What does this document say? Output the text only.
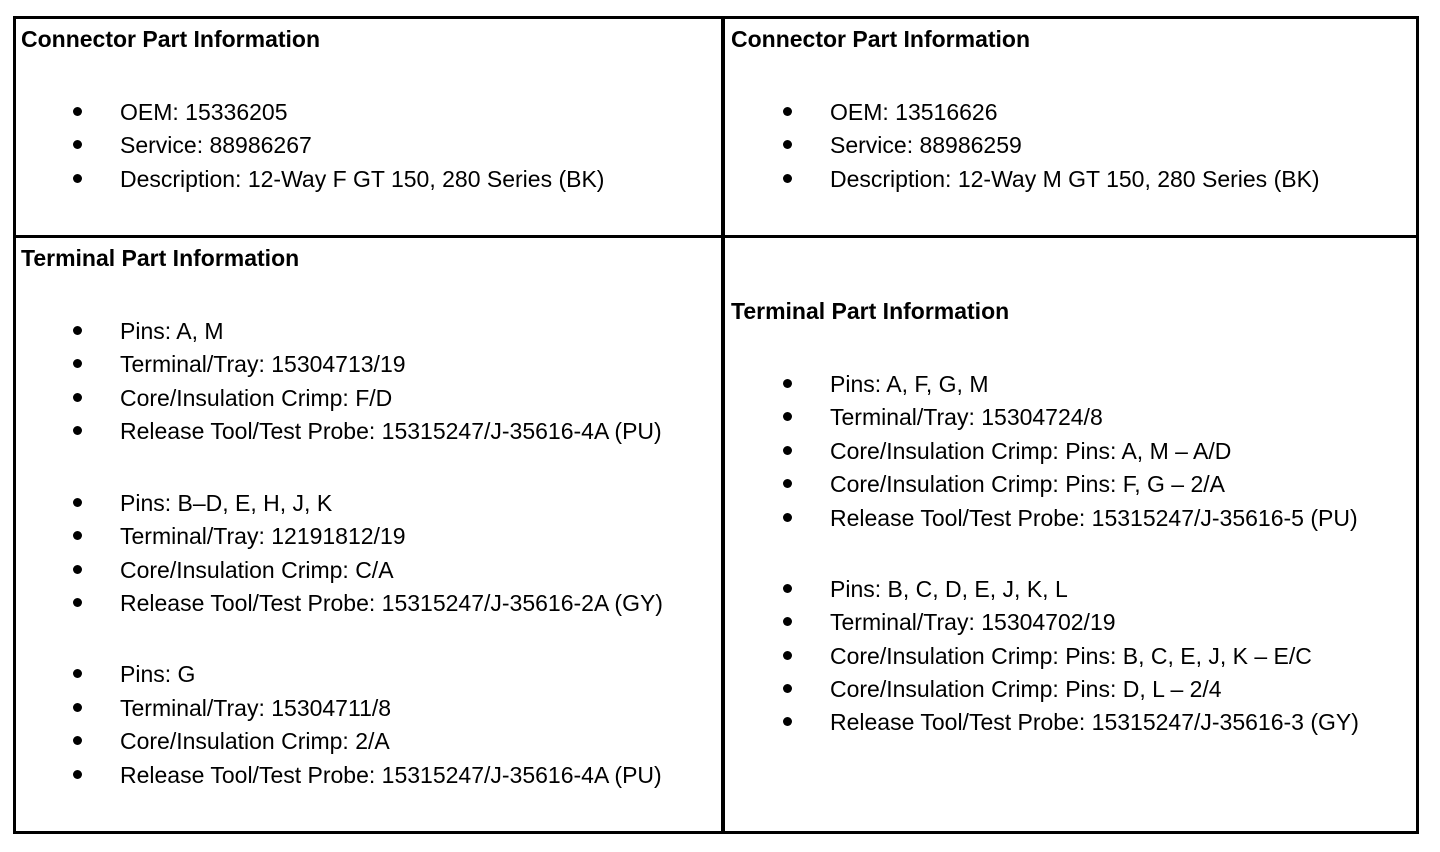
Connector Part Information
OEM: 15336205
Service: 88986267
Description: 12-Way F GT 150, 280 Series (BK)
Connector Part Information
OEM: 13516626
Service: 88986259
Description: 12-Way M GT 150, 280 Series (BK)
Terminal Part Information
Pins: A, M
Terminal/Tray: 15304713/19
Core/Insulation Crimp: F/D
Release Tool/Test Probe: 15315247/J-35616-4A (PU)
Pins: B–D, E, H, J, K
Terminal/Tray: 12191812/19
Core/Insulation Crimp: C/A
Release Tool/Test Probe: 15315247/J-35616-2A (GY)
Pins: G
Terminal/Tray: 15304711/8
Core/Insulation Crimp: 2/A
Release Tool/Test Probe: 15315247/J-35616-4A (PU)
Terminal Part Information
Pins: A, F, G, M
Terminal/Tray: 15304724/8
Core/Insulation Crimp: Pins: A, M – A/D
Core/Insulation Crimp: Pins: F, G – 2/A
Release Tool/Test Probe: 15315247/J-35616-5 (PU)
Pins: B, C, D, E, J, K, L
Terminal/Tray: 15304702/19
Core/Insulation Crimp: Pins: B, C, E, J, K – E/C
Core/Insulation Crimp: Pins: D, L – 2/4
Release Tool/Test Probe: 15315247/J-35616-3 (GY)
